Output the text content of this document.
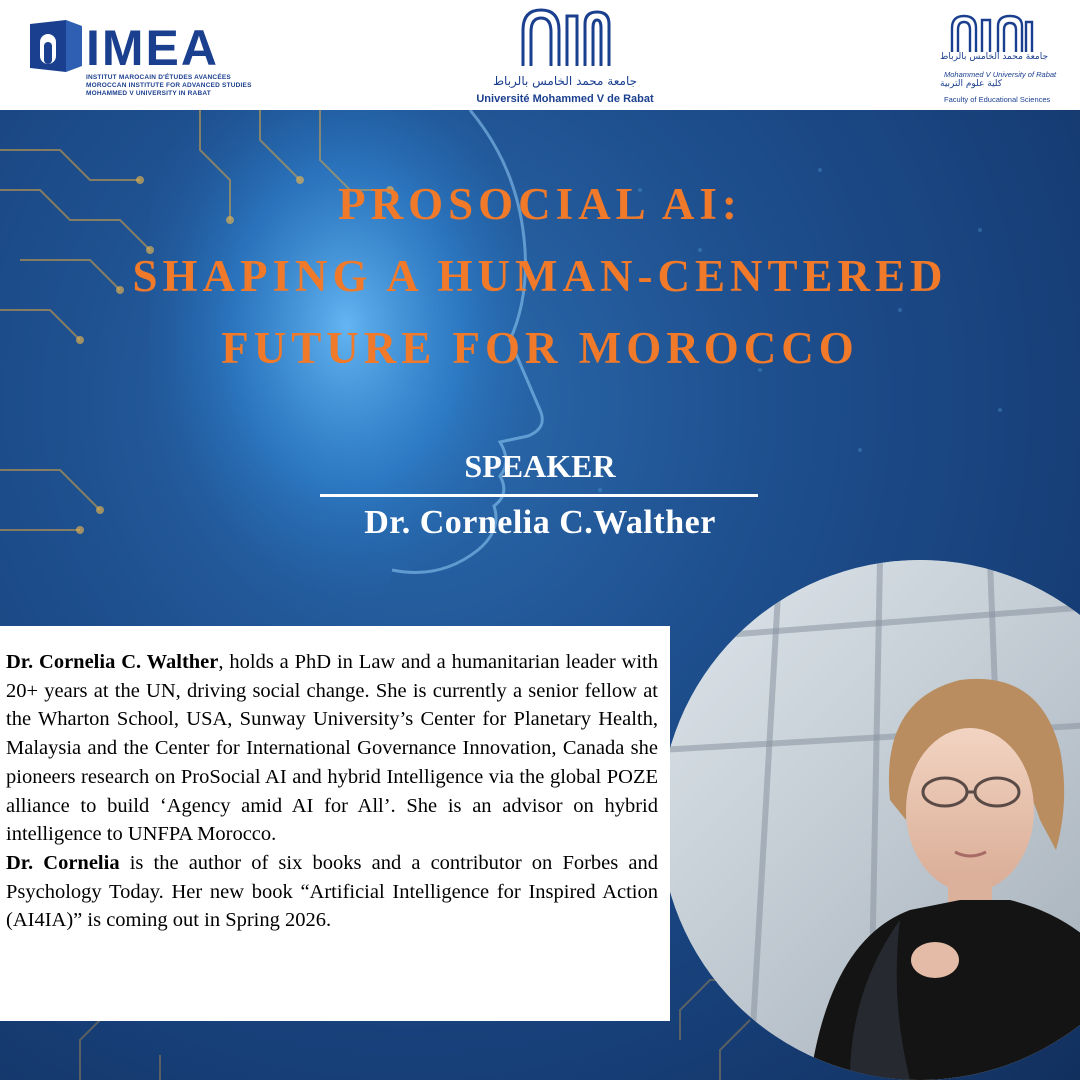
IMEA
INSTITUT MAROCAIN D'ÉTUDES AVANCÉES
MOROCCAN INSTITUTE FOR ADVANCED STUDIES
MOHAMMED V UNIVERSITY IN RABAT
جامعة محمد الخامس بالرباط
Université Mohammed V de Rabat
جامعة محمد الخامس بالرباط
Mohammed V University of Rabat
كلية علوم التربية
Faculty of Educational Sciences
PROSOCIAL AI:
SHAPING A HUMAN-CENTERED
FUTURE FOR MOROCCO
SPEAKER
Dr. Cornelia C.Walther

Dr. Cornelia C. Walther, holds a PhD in Law and a humanitarian leader with 20+ years at the UN, driving social change. She is currently a senior fellow at the Wharton School, USA, Sunway University’s Center for Planetary Health, Malaysia and the Center for International Governance Innovation, Canada she pioneers research on ProSocial AI and hybrid Intelligence via the global POZE alliance to build ‘Agency amid AI for All’. She is an advisor on hybrid intelligence to UNFPA Morocco.

Dr. Cornelia is the author of six books and a contributor on Forbes and Psychology Today. Her new book “Artificial Intelligence for Inspired Action (AI4IA)” is coming out in Spring 2026.
